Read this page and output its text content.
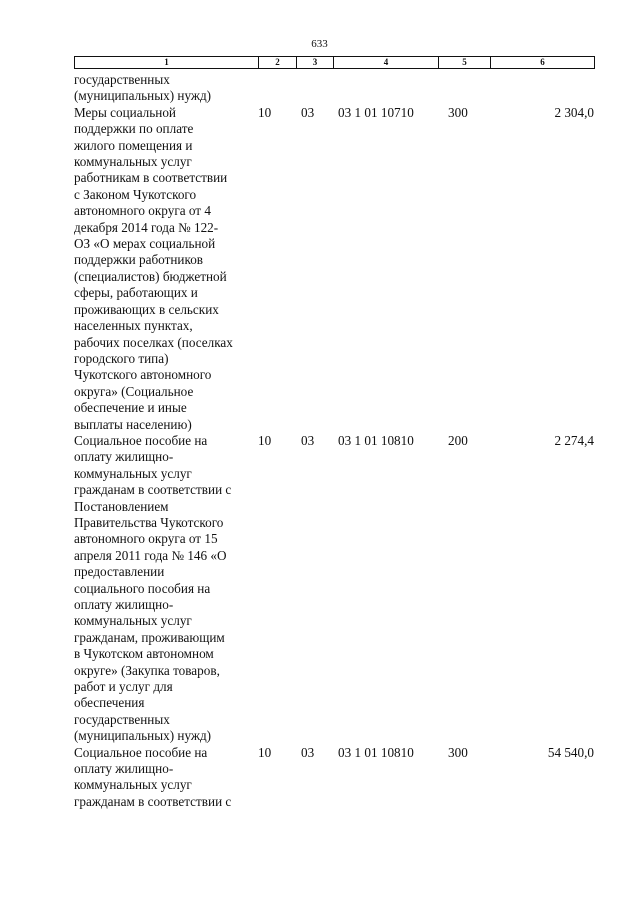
633
1	2	3	4	5	6
государственных
(муниципальных) нужд)
Меры социальной
поддержки по оплате
жилого помещения и
коммунальных услуг
работникам в соответствии
с Законом Чукотского
автономного округа от 4
декабря 2014 года № 122-
ОЗ «О мерах социальной
поддержки работников
(специалистов) бюджетной
сферы, работающих и
проживающих в сельских
населенных пунктах,
рабочих поселках (поселках
городского типа)
Чукотского автономного
округа» (Социальное
обеспечение и иные
выплаты населению)
10	03	03 1 01 10710	300	2 304,0
Социальное пособие на
оплату жилищно-
коммунальных услуг
гражданам в соответствии с
Постановлением
Правительства Чукотского
автономного округа от 15
апреля 2011 года № 146 «О
предоставлении
социального пособия на
оплату жилищно-
коммунальных услуг
гражданам, проживающим
в Чукотском автономном
округе» (Закупка товаров,
работ и услуг для
обеспечения
государственных
(муниципальных) нужд)
10	03	03 1 01 10810	200	2 274,4
Социальное пособие на
оплату жилищно-
коммунальных услуг
гражданам в соответствии с
10	03	03 1 01 10810	300	54 540,0
